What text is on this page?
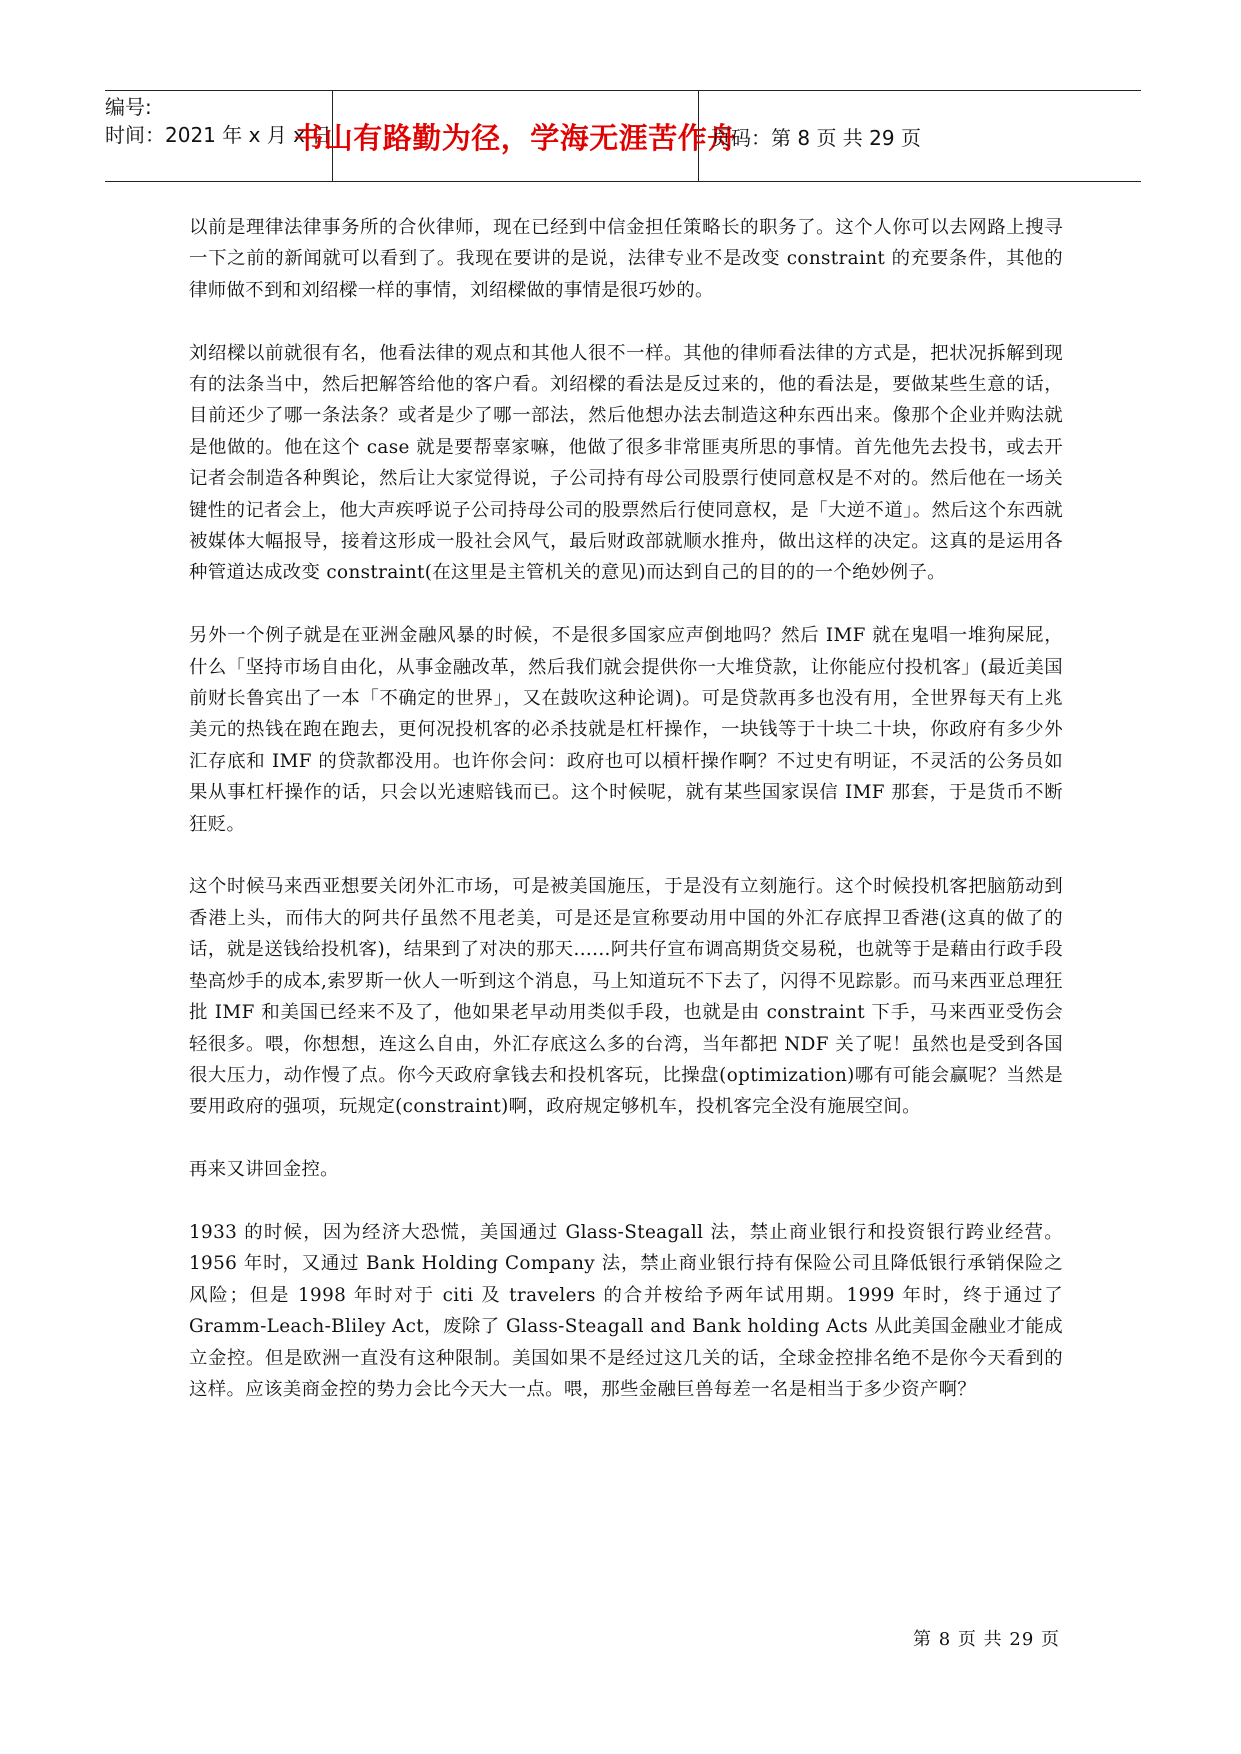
编号:
时间：2021 年 x 月 x 日
书山有路勤为径，学海无涯苦作舟
页码：第 8 页 共 29 页

以前是理律法律事务所的合伙律师，现在已经到中信金担任策略长的职务了。这个人你可以去网路上搜寻一下之前的新闻就可以看到了。我现在要讲的是说，法律专业不是改变 constraint 的充要条件，其他的律师做不到和刘绍樑一样的事情，刘绍樑做的事情是很巧妙的。

刘绍樑以前就很有名，他看法律的观点和其他人很不一样。其他的律师看法律的方式是，把状况拆解到现有的法条当中，然后把解答给他的客户看。刘绍樑的看法是反过来的，他的看法是，要做某些生意的话，目前还少了哪一条法条？或者是少了哪一部法，然后他想办法去制造这种东西出来。像那个企业并购法就是他做的。他在这个 case 就是要帮辜家嘛，他做了很多非常匪夷所思的事情。首先他先去投书，或去开记者会制造各种舆论，然后让大家觉得说，子公司持有母公司股票行使同意权是不对的。然后他在一场关键性的记者会上，他大声疾呼说子公司持母公司的股票然后行使同意权，是「大逆不道」。然后这个东西就被媒体大幅报导，接着这形成一股社会风气，最后财政部就顺水推舟，做出这样的决定。这真的是运用各种管道达成改变 constraint(在这里是主管机关的意见)而达到自己的目的的一个绝妙例子。

另外一个例子就是在亚洲金融风暴的时候，不是很多国家应声倒地吗？然后 IMF 就在鬼唱一堆狗屎屁，什么「坚持市场自由化，从事金融改革，然后我们就会提供你一大堆贷款，让你能应付投机客」(最近美国前财长鲁宾出了一本「不确定的世界」，又在鼓吹这种论调)。可是贷款再多也没有用，全世界每天有上兆美元的热钱在跑在跑去，更何况投机客的必杀技就是杠杆操作，一块钱等于十块二十块，你政府有多少外汇存底和 IMF 的贷款都没用。也许你会问：政府也可以槓杆操作啊？不过史有明证，不灵活的公务员如果从事杠杆操作的话，只会以光速赔钱而已。这个时候呢，就有某些国家误信 IMF 那套，于是货币不断狂贬。

这个时候马来西亚想要关闭外汇市场，可是被美国施压，于是没有立刻施行。这个时候投机客把脑筋动到香港上头，而伟大的阿共仔虽然不甩老美，可是还是宣称要动用中国的外汇存底捍卫香港(这真的做了的话，就是送钱给投机客)，结果到了对决的那天......阿共仔宣布调高期货交易税，也就等于是藉由行政手段垫高炒手的成本,索罗斯一伙人一听到这个消息，马上知道玩不下去了，闪得不见踪影。而马来西亚总理狂批 IMF 和美国已经来不及了，他如果老早动用类似手段，也就是由 constraint 下手，马来西亚受伤会轻很多。喂，你想想，连这么自由，外汇存底这么多的台湾，当年都把 NDF 关了呢！虽然也是受到各国很大压力，动作慢了点。你今天政府拿钱去和投机客玩，比操盘(optimization)哪有可能会赢呢？当然是要用政府的强项，玩规定(constraint)啊，政府规定够机车，投机客完全没有施展空间。

再来又讲回金控。

1933 的时候，因为经济大恐慌，美国通过 Glass-Steagall 法，禁止商业银行和投资银行跨业经营。1956 年时，又通过 Bank Holding Company 法，禁止商业银行持有保险公司且降低银行承销保险之风险；但是 1998 年时对于 citi 及 travelers 的合并桉给予两年试用期。1999 年时，终于通过了 Gramm-Leach-Bliley Act，废除了 Glass-Steagall and Bank holding Acts 从此美国金融业才能成立金控。但是欧洲一直没有这种限制。美国如果不是经过这几关的话，全球金控排名绝不是你今天看到的这样。应该美商金控的势力会比今天大一点。喂，那些金融巨兽每差一名是相当于多少资产啊？

第 8 页 共 29 页
